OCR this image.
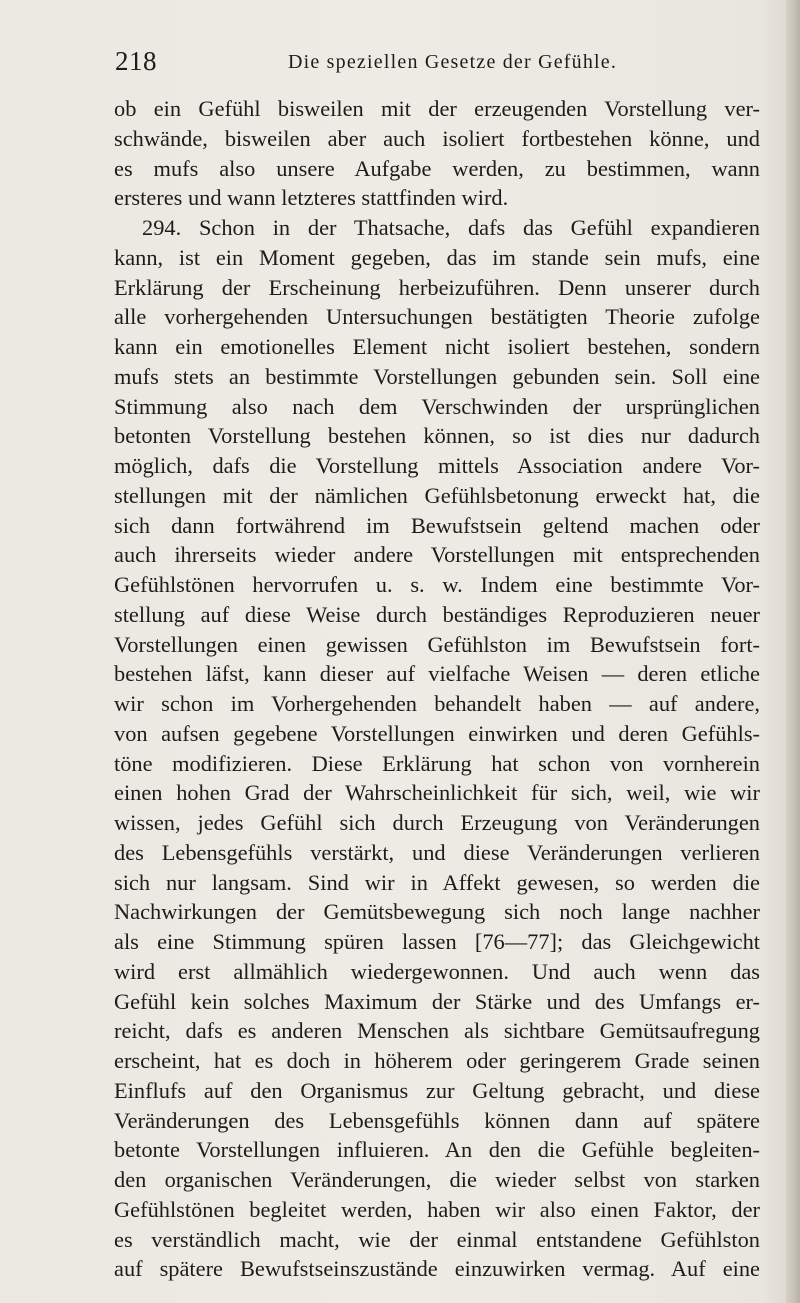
218	Die speziellen Gesetze der Gefühle.
ob ein Gefühl bisweilen mit der erzeugenden Vorstellung ver-
schwände, bisweilen aber auch isoliert fortbestehen könne, und
es mufs also unsere Aufgabe werden, zu bestimmen, wann
ersteres und wann letzteres stattfinden wird.
294. Schon in der Thatsache, dafs das Gefühl expandieren
kann, ist ein Moment gegeben, das im stande sein mufs, eine
Erklärung der Erscheinung herbeizuführen. Denn unserer durch
alle vorhergehenden Untersuchungen bestätigten Theorie zufolge
kann ein emotionelles Element nicht isoliert bestehen, sondern
mufs stets an bestimmte Vorstellungen gebunden sein. Soll eine
Stimmung also nach dem Verschwinden der ursprünglichen
betonten Vorstellung bestehen können, so ist dies nur dadurch
möglich, dafs die Vorstellung mittels Association andere Vor-
stellungen mit der nämlichen Gefühlsbetonung erweckt hat, die
sich dann fortwährend im Bewufstsein geltend machen oder
auch ihrerseits wieder andere Vorstellungen mit entsprechenden
Gefühlstönen hervorrufen u. s. w. Indem eine bestimmte Vor-
stellung auf diese Weise durch beständiges Reproduzieren neuer
Vorstellungen einen gewissen Gefühlston im Bewufstsein fort-
bestehen läfst, kann dieser auf vielfache Weisen — deren etliche
wir schon im Vorhergehenden behandelt haben — auf andere,
von aufsen gegebene Vorstellungen einwirken und deren Gefühls-
töne modifizieren. Diese Erklärung hat schon von vornherein
einen hohen Grad der Wahrscheinlichkeit für sich, weil, wie wir
wissen, jedes Gefühl sich durch Erzeugung von Veränderungen
des Lebensgefühls verstärkt, und diese Veränderungen verlieren
sich nur langsam. Sind wir in Affekt gewesen, so werden die
Nachwirkungen der Gemütsbewegung sich noch lange nachher
als eine Stimmung spüren lassen [76—77]; das Gleichgewicht
wird erst allmählich wiedergewonnen. Und auch wenn das
Gefühl kein solches Maximum der Stärke und des Umfangs er-
reicht, dafs es anderen Menschen als sichtbare Gemütsaufregung
erscheint, hat es doch in höherem oder geringerem Grade seinen
Einflufs auf den Organismus zur Geltung gebracht, und diese
Veränderungen des Lebensgefühls können dann auf spätere
betonte Vorstellungen influieren. An den die Gefühle begleiten-
den organischen Veränderungen, die wieder selbst von starken
Gefühlstönen begleitet werden, haben wir also einen Faktor, der
es verständlich macht, wie der einmal entstandene Gefühlston
auf spätere Bewufstseinszustände einzuwirken vermag. Auf eine
